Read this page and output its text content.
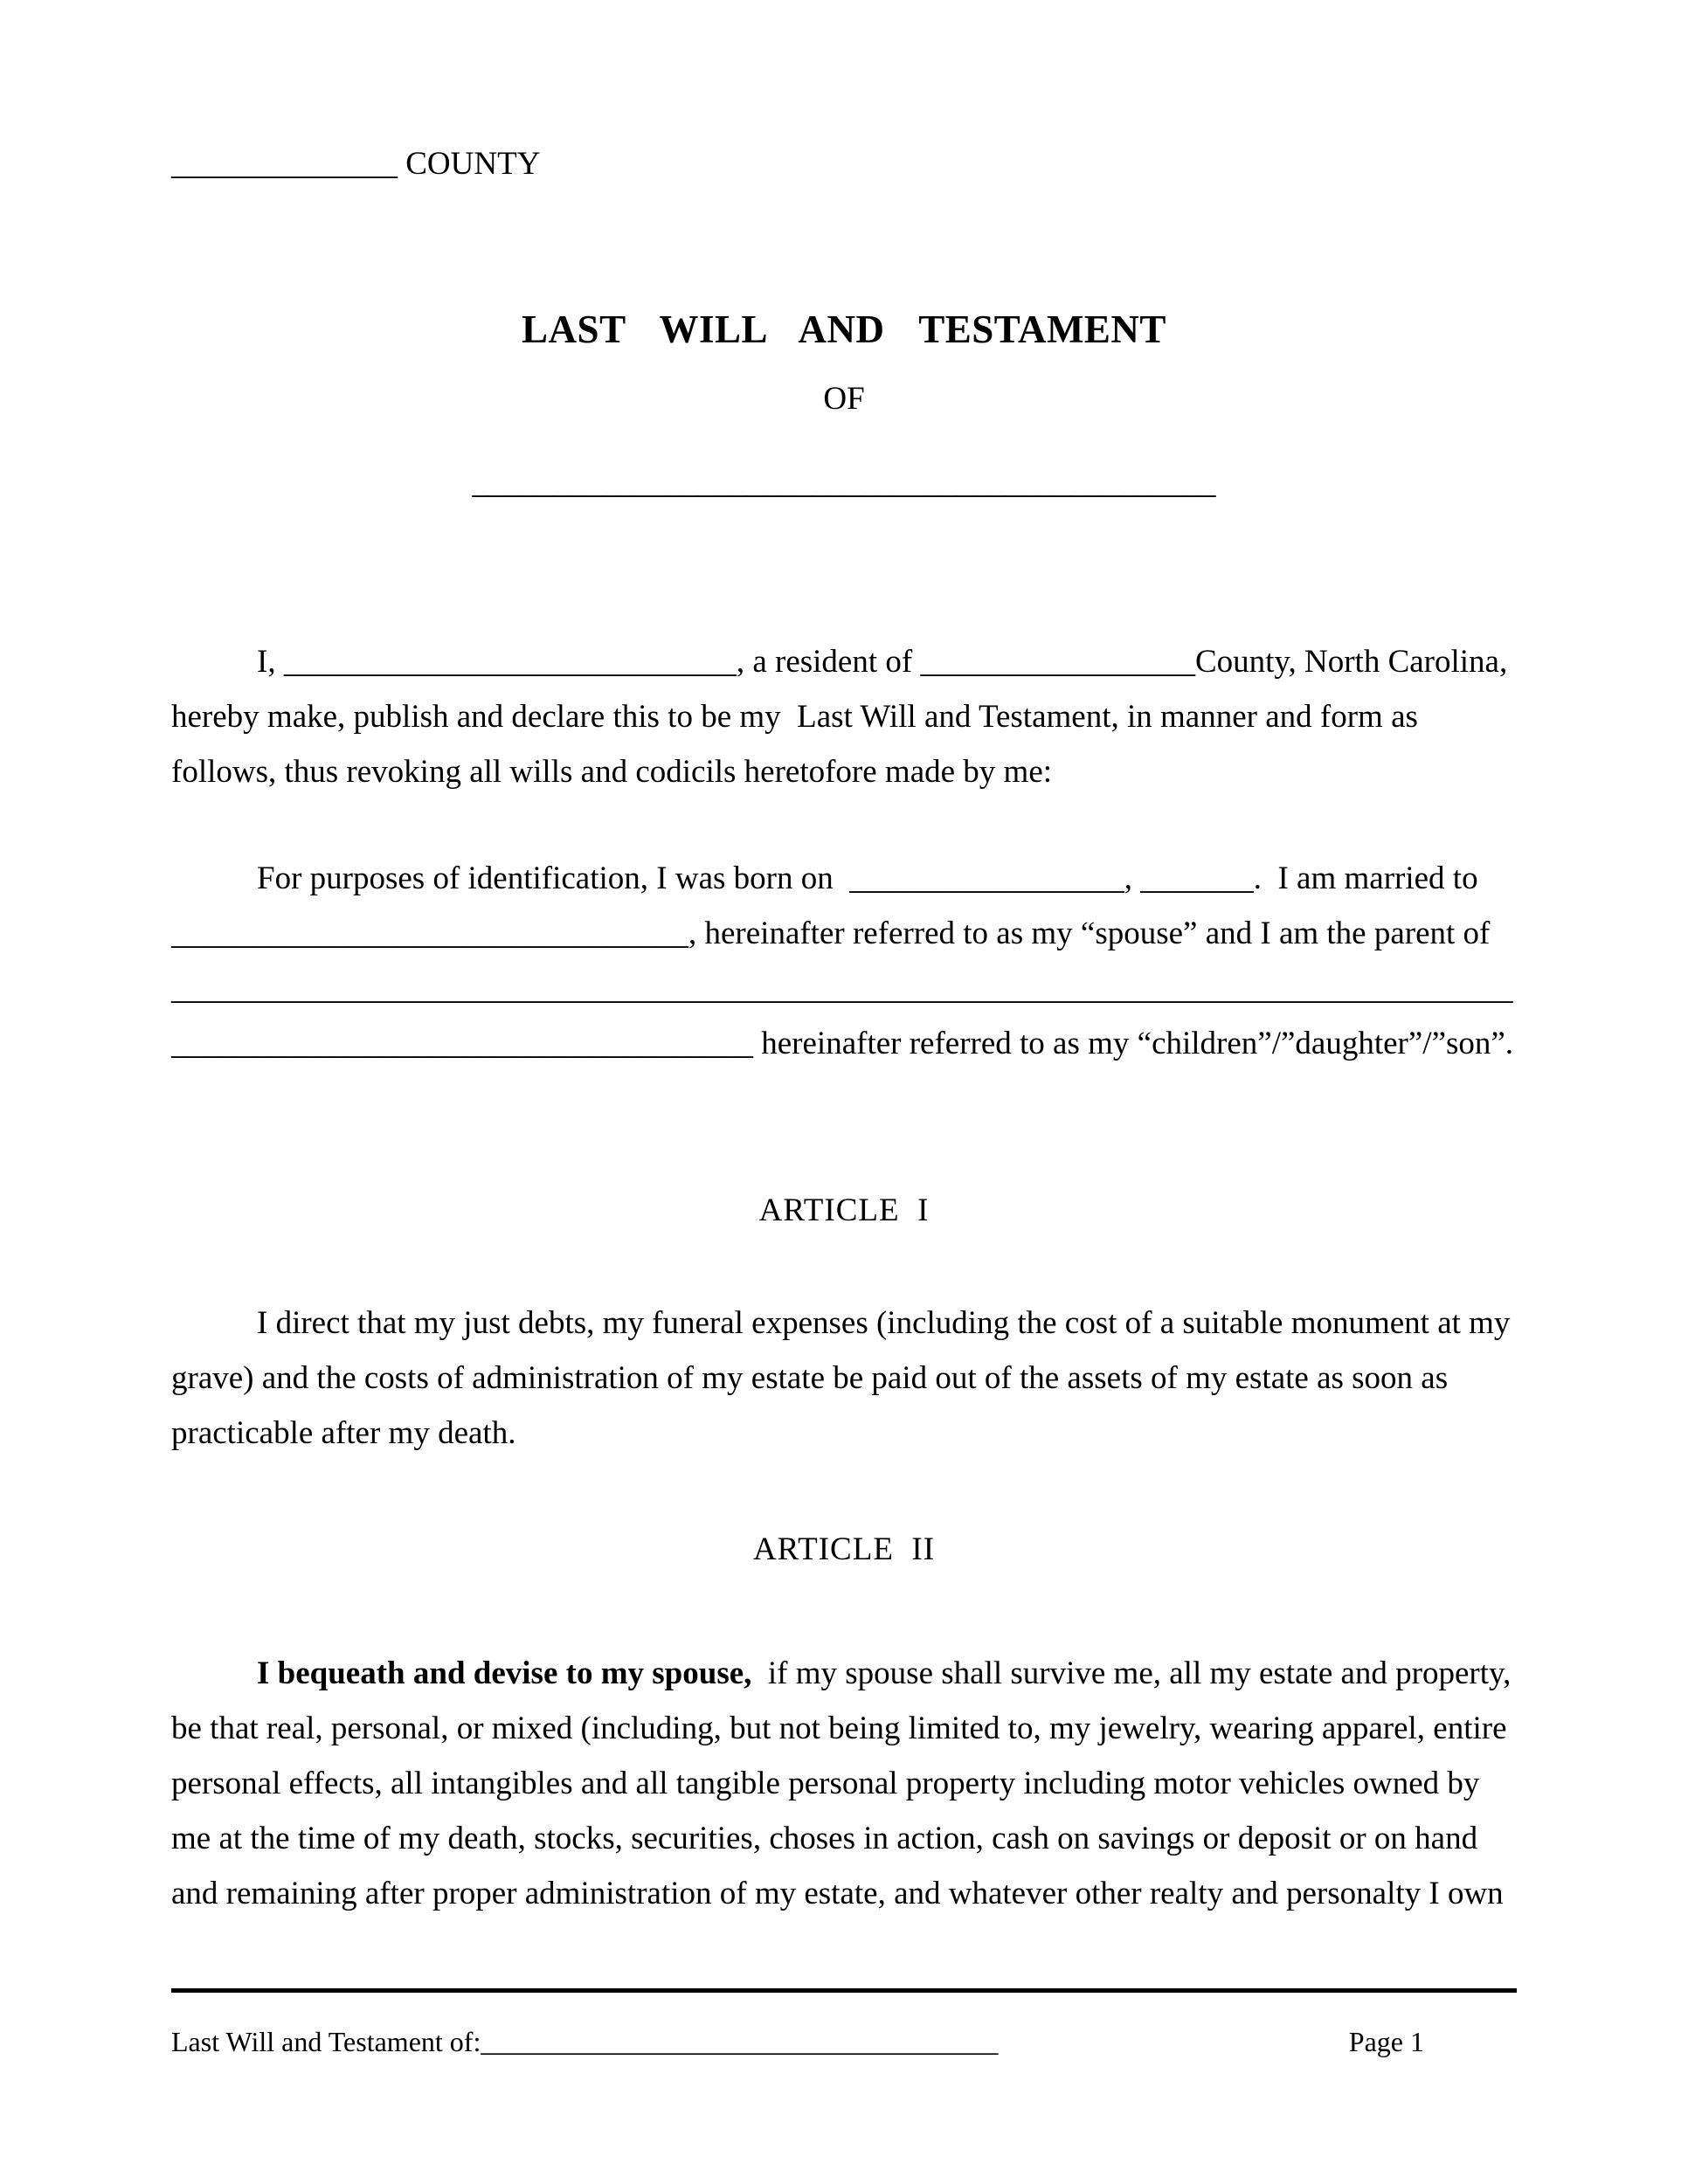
______________ COUNTY
LAST  WILL  AND  TESTAMENT
OF
______________________________________________
I, ____________________________, a resident of _________________County, North Carolina,
hereby make, publish and declare this to be my  Last Will and Testament, in manner and form as
follows, thus revoking all wills and codicils heretofore made by me:
For purposes of identification, I was born on  _________________, _______.  I am married to
________________________________, hereinafter referred to as my “spouse” and I am the parent of
___________________________________________________________________________________
____________________________________ hereinafter referred to as my “children”/”daughter”/”son”.
ARTICLE  I
I direct that my just debts, my funeral expenses (including the cost of a suitable monument at my
grave) and the costs of administration of my estate be paid out of the assets of my estate as soon as
practicable after my death.
ARTICLE  II
I bequeath and devise to my spouse,  if my spouse shall survive me, all my estate and property,
be that real, personal, or mixed (including, but not being limited to, my jewelry, wearing apparel, entire
personal effects, all intangibles and all tangible personal property including motor vehicles owned by
me at the time of my death, stocks, securities, choses in action, cash on savings or deposit or on hand
and remaining after proper administration of my estate, and whatever other realty and personalty I own
Last Will and Testament of:_____________________________________	Page 1
